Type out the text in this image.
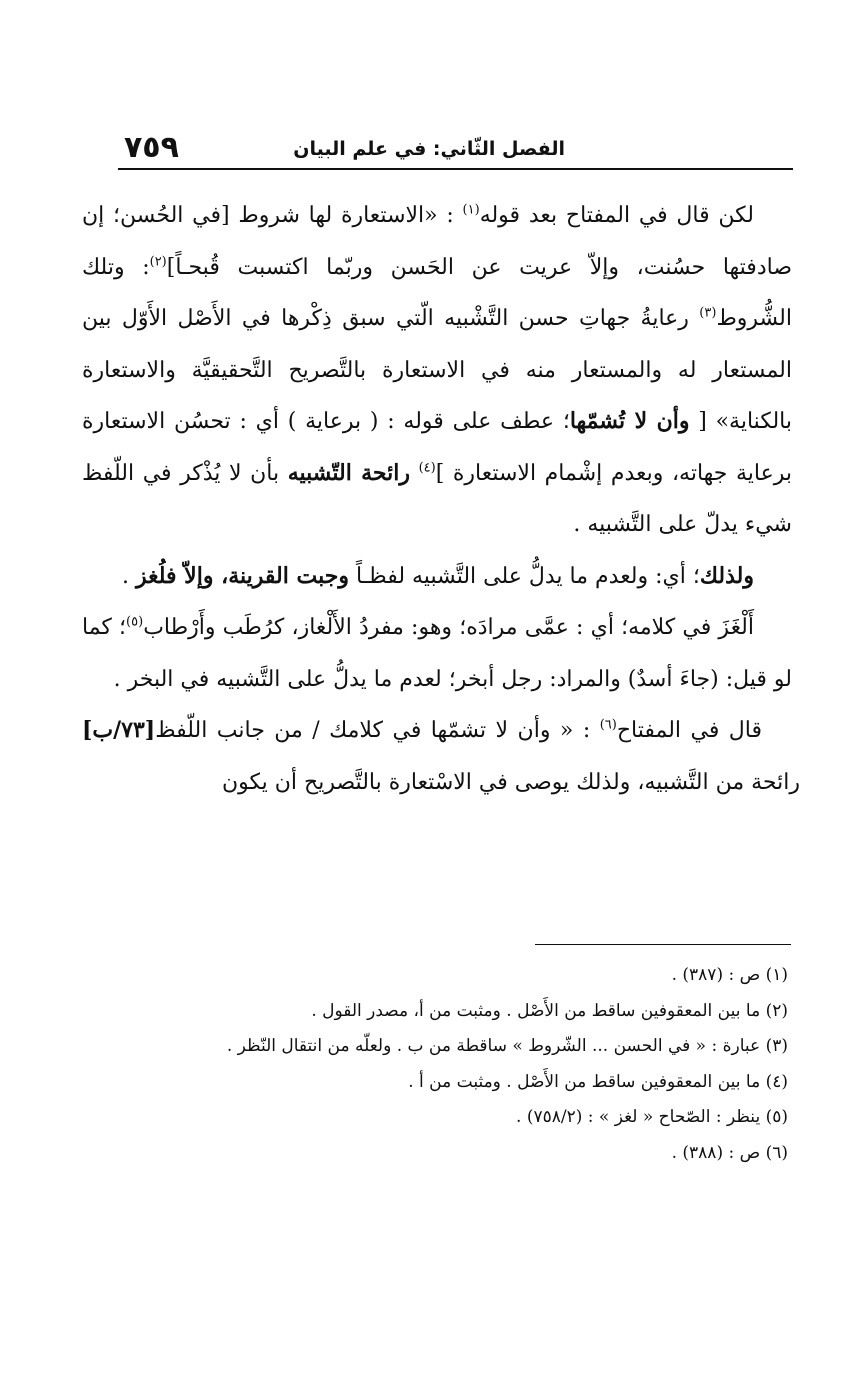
الفصل الثّاني: في علم البيان
٧٥٩

لكن قال في المفتاح بعد قوله$^{(١)}$ : «الاستعارة لها شروط [في الحُسن؛ إن صادفتها حسُنت، وإلاّ عريت عن الحَسن وربّما اكتسبت قُبحـاً]$^{(٢)}$: وتلك الشُّروط$^{(٣)}$ رعايةُ جهاتِ حسن التَّشْبيه الّتي سبق ذِكْرها في الأَصْل الأَوّل بين المستعار له والمستعار منه في الاستعارة بالتَّصريح التَّحقيقيَّة والاستعارة بالكناية» [ وأن لا تُشمّها؛ عطف على قوله : ( برعاية ) أي : تحسُن الاستعارة برعاية جهاته، وبعدم إشْمام الاستعارة ]$^{(٤)}$ رائحة التّشبيه بأن لا يُذْكر في اللّفظ شيء يدلّ على التَّشبيه .

ولذلك؛ أي: ولعدم ما يدلُّ على التَّشبيه لفظـاً وجبت القرينة، وإلاّ فلُغز .

أَلْغَزَ في كلامه؛ أي : عمَّى مرادَه؛ وهو: مفردُ الأَلْغاز، كرُطَب وأَرْطاب$^{(٥)}$؛ كما لو قيل: (جاءَ أسدٌ) والمراد: رجل أبخر؛ لعدم ما يدلُّ على التَّشبيه في البخر .

قال في المفتاح$^{(٦)}$ : « وأن لا تشمّها في كلامك / من جانب اللّفظ[٧٣/ب] رائحة من التَّشبيه، ولذلك يوصى في الاسْتعارة بالتَّصريح أن يكون

(١) ص : (٣٨٧) .

(٢) ما بين المعقوفين ساقط من الأَصْل . ومثبت من أ، مصدر القول .

(٣) عبارة : « في الحسن ... الشّروط » ساقطة من ب . ولعلّه من انتقال النّظر .

(٤) ما بين المعقوفين ساقط من الأَصْل . ومثبت من أ .

(٥) ينظر : الصّحاح « لغز » : (٧٥٨/٢) .

(٦) ص : (٣٨٨) .
